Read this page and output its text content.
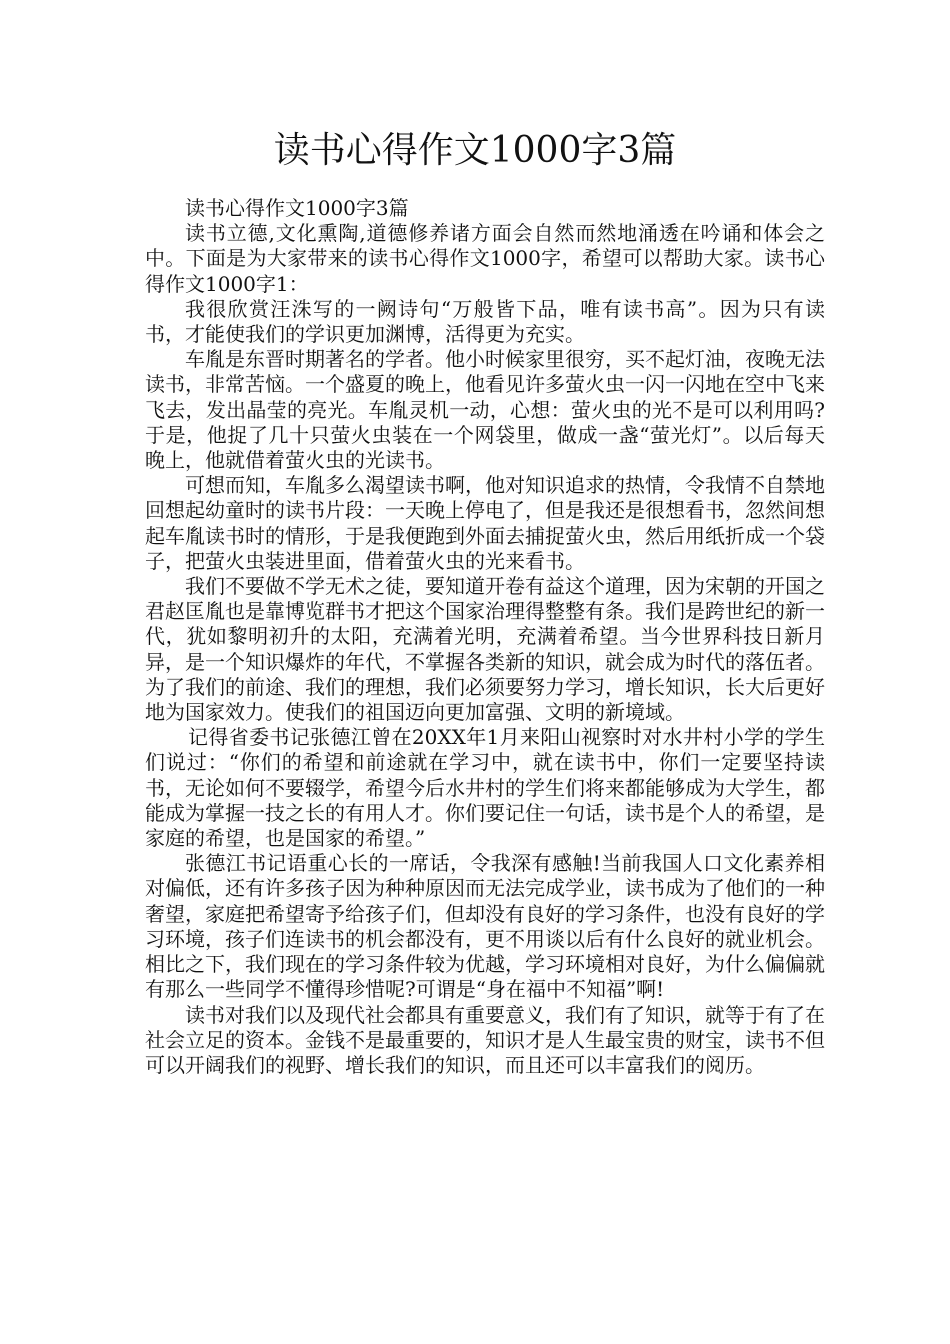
读书心得作文1000字3篇

读书心得作文1000字3篇

读书立德,文化熏陶,道德修养诸方面会自然而然地涌透在吟诵和体会之中。下面是为大家带来的读书心得作文1000字，希望可以帮助大家。读书心得作文1000字1：

我很欣赏汪洙写的一阙诗句“万般皆下品，唯有读书高”。因为只有读书，才能使我们的学识更加渊博，活得更为充实。

车胤是东晋时期著名的学者。他小时候家里很穷，买不起灯油，夜晚无法读书，非常苦恼。一个盛夏的晚上，他看见许多萤火虫一闪一闪地在空中飞来飞去，发出晶莹的亮光。车胤灵机一动，心想：萤火虫的光不是可以利用吗?于是，他捉了几十只萤火虫装在一个网袋里，做成一盏“萤光灯”。以后每天晚上，他就借着萤火虫的光读书。

可想而知，车胤多么渴望读书啊，他对知识追求的热情，令我情不自禁地回想起幼童时的读书片段：一天晚上停电了，但是我还是很想看书，忽然间想起车胤读书时的情形，于是我便跑到外面去捕捉萤火虫，然后用纸折成一个袋子，把萤火虫装进里面，借着萤火虫的光来看书。

我们不要做不学无术之徒，要知道开卷有益这个道理，因为宋朝的开国之君赵匡胤也是靠博览群书才把这个国家治理得整整有条。我们是跨世纪的新一代，犹如黎明初升的太阳，充满着光明，充满着希望。当今世界科技日新月异，是一个知识爆炸的年代，不掌握各类新的知识，就会成为时代的落伍者。为了我们的前途、我们的理想，我们必须要努力学习，增长知识，长大后更好地为国家效力。使我们的祖国迈向更加富强、文明的新境域。

记得省委书记张德江曾在20XX年1月来阳山视察时对水井村小学的学生们说过：“你们的希望和前途就在学习中，就在读书中，你们一定要坚持读书，无论如何不要辍学，希望今后水井村的学生们将来都能够成为大学生，都能成为掌握一技之长的有用人才。你们要记住一句话，读书是个人的希望，是家庭的希望，也是国家的希望。”

张德江书记语重心长的一席话，令我深有感触!当前我国人口文化素养相对偏低，还有许多孩子因为种种原因而无法完成学业，读书成为了他们的一种奢望，家庭把希望寄予给孩子们，但却没有良好的学习条件，也没有良好的学习环境，孩子们连读书的机会都没有，更不用谈以后有什么良好的就业机会。相比之下，我们现在的学习条件较为优越，学习环境相对良好，为什么偏偏就有那么一些同学不懂得珍惜呢?可谓是“身在福中不知福”啊!

读书对我们以及现代社会都具有重要意义，我们有了知识，就等于有了在社会立足的资本。金钱不是最重要的，知识才是人生最宝贵的财宝，读书不但可以开阔我们的视野、增长我们的知识，而且还可以丰富我们的阅历。
